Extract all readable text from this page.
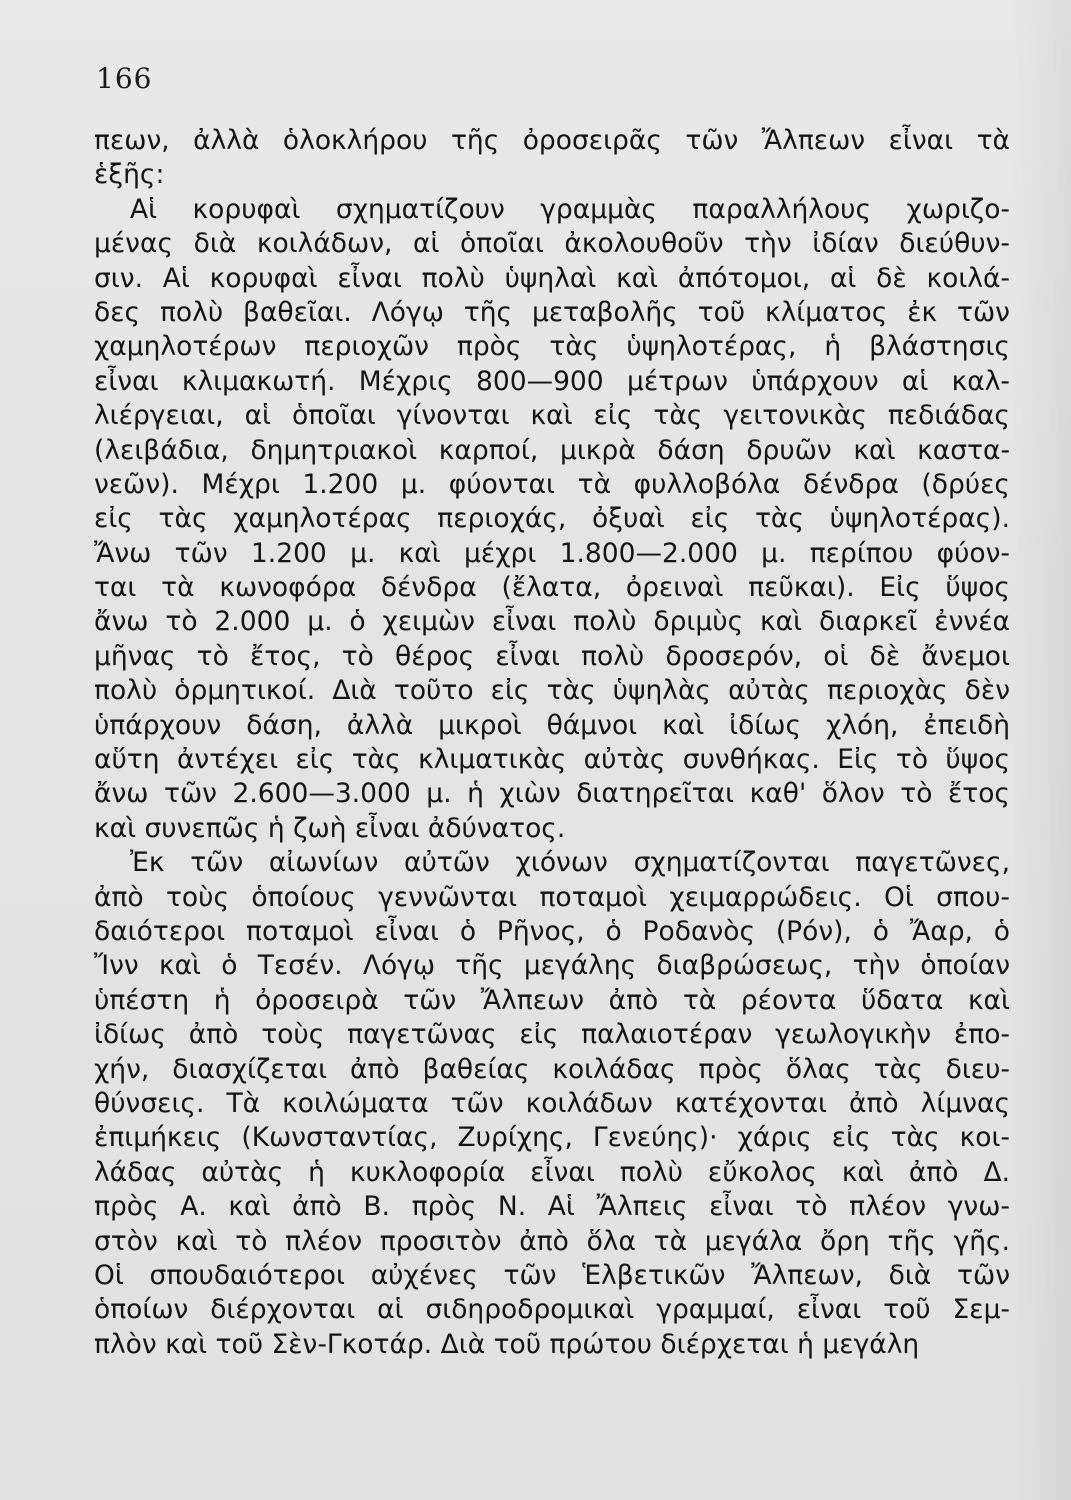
166
πεων, ἀλλὰ ὁλοκλήρου τῆς ὀροσειρᾶς τῶν Ἄλπεων εἶναι τὰ
ἑξῆς:
Αἱ κορυφαὶ σχηματίζουν γραμμὰς παραλλήλους χωριζο-
μένας διὰ κοιλάδων, αἱ ὁποῖαι ἀκολουθοῦν τὴν ἰδίαν διεύθυν-
σιν. Αἱ κορυφαὶ εἶναι πολὺ ὑψηλαὶ καὶ ἀπότομοι, αἱ δὲ κοιλά-
δες πολὺ βαθεῖαι. Λόγῳ τῆς μεταβολῆς τοῦ κλίματος ἐκ τῶν
χαμηλοτέρων περιοχῶν πρὸς τὰς ὑψηλοτέρας, ἡ βλάστησις
εἶναι κλιμακωτή. Μέχρις 800—900 μέτρων ὑπάρχουν αἱ καλ-
λιέργειαι, αἱ ὁποῖαι γίνονται καὶ εἰς τὰς γειτονικὰς πεδιάδας
(λειβάδια, δημητριακοὶ καρποί, μικρὰ δάση δρυῶν καὶ καστα-
νεῶν). Μέχρι 1.200 μ. φύονται τὰ φυλλοβόλα δένδρα (δρύες
εἰς τὰς χαμηλοτέρας περιοχάς, ὀξυαὶ εἰς τὰς ὑψηλοτέρας).
Ἄνω τῶν 1.200 μ. καὶ μέχρι 1.800—2.000 μ. περίπου φύον-
ται τὰ κωνοφόρα δένδρα (ἔλατα, ὀρειναὶ πεῦκαι). Εἰς ὕψος
ἄνω τὸ 2.000 μ. ὁ χειμὼν εἶναι πολὺ δριμὺς καὶ διαρκεῖ ἐννέα
μῆνας τὸ ἔτος, τὸ θέρος εἶναι πολὺ δροσερόν, οἱ δὲ ἄνεμοι
πολὺ ὁρμητικοί. Διὰ τοῦτο εἰς τὰς ὑψηλὰς αὐτὰς περιοχὰς δὲν
ὑπάρχουν δάση, ἀλλὰ μικροὶ θάμνοι καὶ ἰδίως χλόη, ἐπειδὴ
αὕτη ἀντέχει εἰς τὰς κλιματικὰς αὐτὰς συνθήκας. Εἰς τὸ ὕψος
ἄνω τῶν 2.600—3.000 μ. ἡ χιὼν διατηρεῖται καθ' ὅλον τὸ ἔτος
καὶ συνεπῶς ἡ ζωὴ εἶναι ἀδύνατος.
Ἐκ τῶν αἰωνίων αὐτῶν χιόνων σχηματίζονται παγετῶνες,
ἀπὸ τοὺς ὁποίους γεννῶνται ποταμοὶ χειμαρρώδεις. Οἱ σπου-
δαιότεροι ποταμοὶ εἶναι ὁ Ρῆνος, ὁ Ροδανὸς (Ρόν), ὁ Ἄαρ, ὁ
Ἴνν καὶ ὁ Τεσέν. Λόγῳ τῆς μεγάλης διαβρώσεως, τὴν ὁποίαν
ὑπέστη ἡ ὀροσειρὰ τῶν Ἄλπεων ἀπὸ τὰ ρέοντα ὕδατα καὶ
ἰδίως ἀπὸ τοὺς παγετῶνας εἰς παλαιοτέραν γεωλογικὴν ἐπο-
χήν, διασχίζεται ἀπὸ βαθείας κοιλάδας πρὸς ὅλας τὰς διευ-
θύνσεις. Τὰ κοιλώματα τῶν κοιλάδων κατέχονται ἀπὸ λίμνας
ἐπιμήκεις (Κωνσταντίας, Ζυρίχης, Γενεύης)· χάρις εἰς τὰς κοι-
λάδας αὐτὰς ἡ κυκλοφορία εἶναι πολὺ εὔκολος καὶ ἀπὸ Δ.
πρὸς Α. καὶ ἀπὸ Β. πρὸς Ν. Αἱ Ἄλπεις εἶναι τὸ πλέον γνω-
στὸν καὶ τὸ πλέον προσιτὸν ἀπὸ ὅλα τὰ μεγάλα ὄρη τῆς γῆς.
Οἱ σπουδαιότεροι αὐχένες τῶν Ἑλβετικῶν Ἄλπεων, διὰ τῶν
ὁποίων διέρχονται αἱ σιδηροδρομικαὶ γραμμαί, εἶναι τοῦ Σεμ-
πλὸν καὶ τοῦ Σὲν-Γκοτάρ. Διὰ τοῦ πρώτου διέρχεται ἡ μεγάλη
